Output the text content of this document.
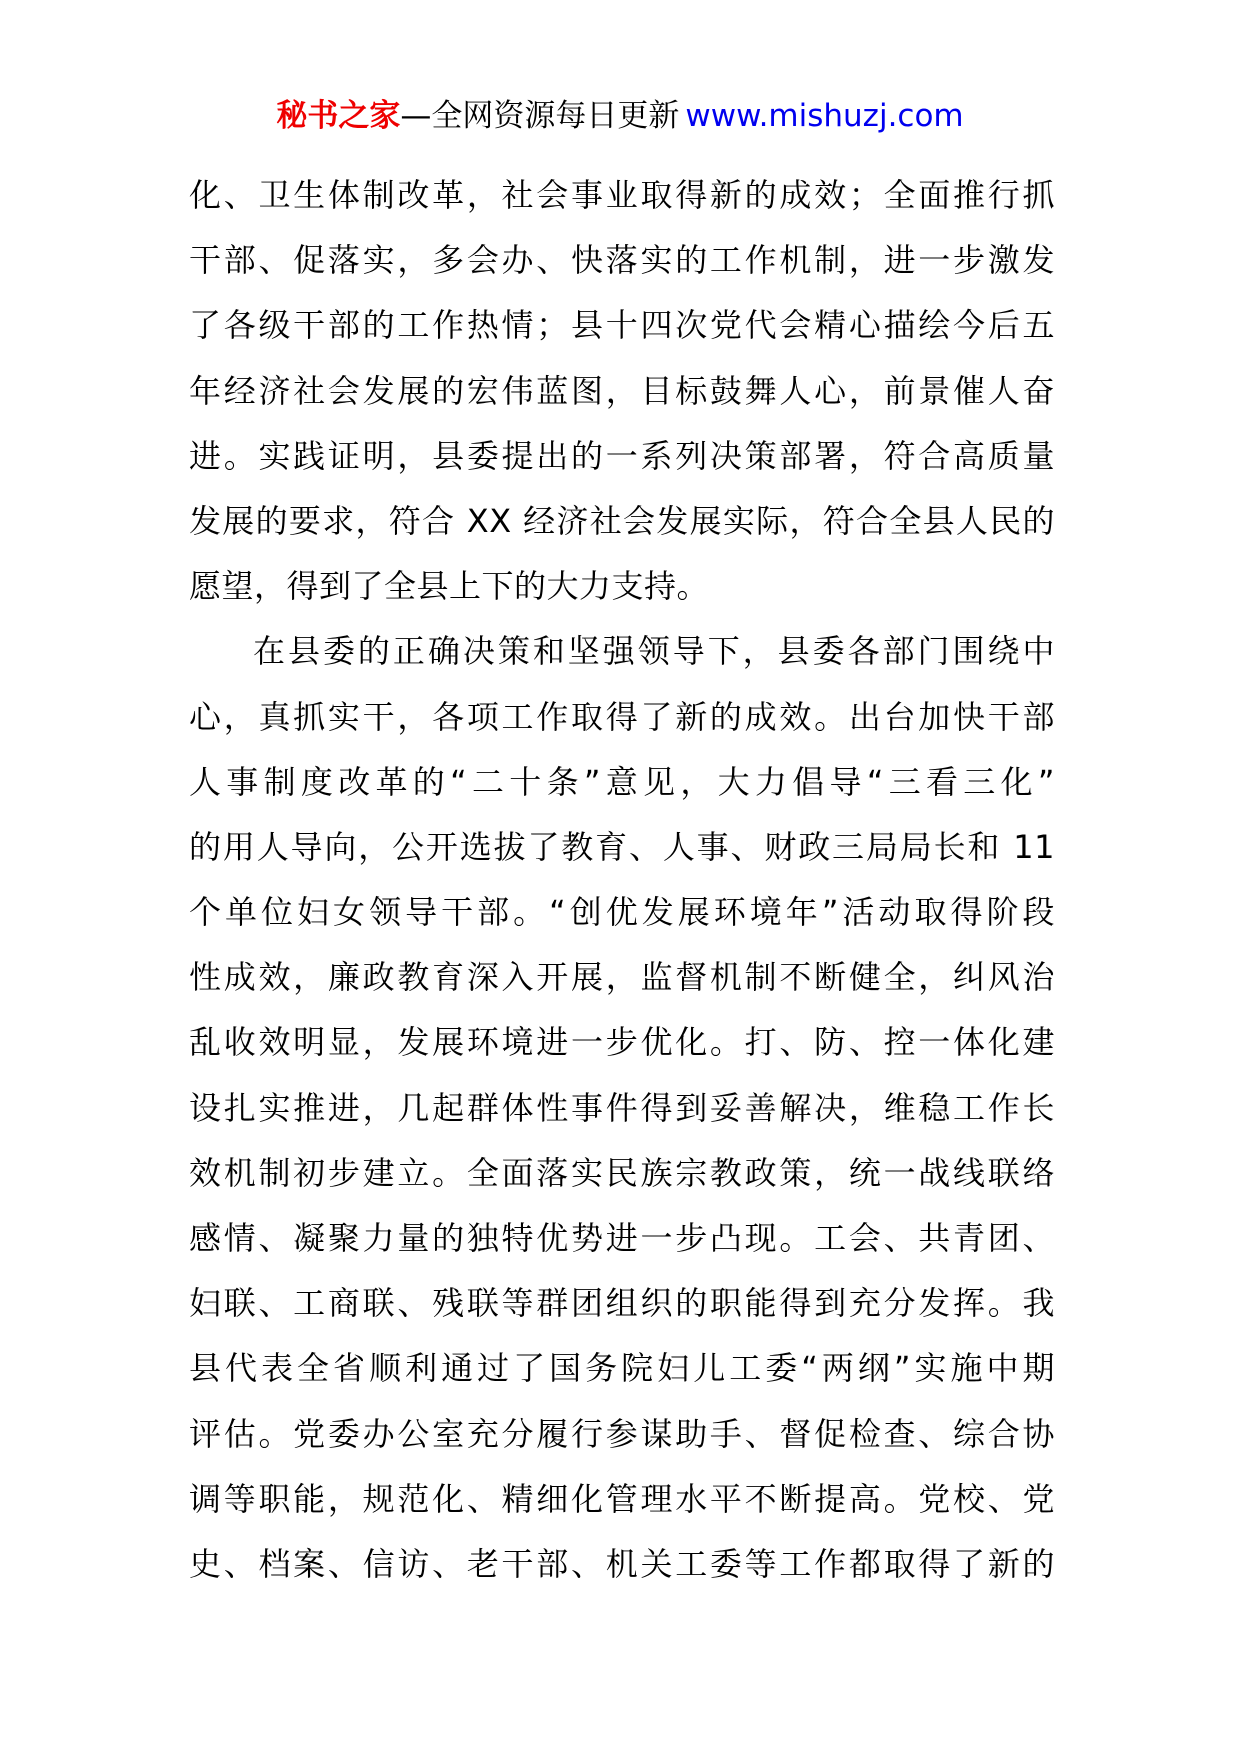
秘书之家—全网资源每日更新 www.mishuzj.com
化、卫生体制改革，社会事业取得新的成效；全面推行抓
干部、促落实，多会办、快落实的工作机制，进一步激发
了各级干部的工作热情；县十四次党代会精心描绘今后五
年经济社会发展的宏伟蓝图，目标鼓舞人心，前景催人奋
进。实践证明，县委提出的一系列决策部署，符合高质量
发展的要求，符合 XX 经济社会发展实际，符合全县人民的
愿望，得到了全县上下的大力支持。
在县委的正确决策和坚强领导下，县委各部门围绕中
心，真抓实干，各项工作取得了新的成效。出台加快干部
人事制度改革的“二十条”意见，大力倡导“三看三化”
的用人导向，公开选拔了教育、人事、财政三局局长和 11
个单位妇女领导干部。“创优发展环境年”活动取得阶段
性成效，廉政教育深入开展，监督机制不断健全，纠风治
乱收效明显，发展环境进一步优化。打、防、控一体化建
设扎实推进，几起群体性事件得到妥善解决，维稳工作长
效机制初步建立。全面落实民族宗教政策，统一战线联络
感情、凝聚力量的独特优势进一步凸现。工会、共青团、
妇联、工商联、残联等群团组织的职能得到充分发挥。我
县代表全省顺利通过了国务院妇儿工委“两纲”实施中期
评估。党委办公室充分履行参谋助手、督促检查、综合协
调等职能，规范化、精细化管理水平不断提高。党校、党
史、档案、信访、老干部、机关工委等工作都取得了新的
